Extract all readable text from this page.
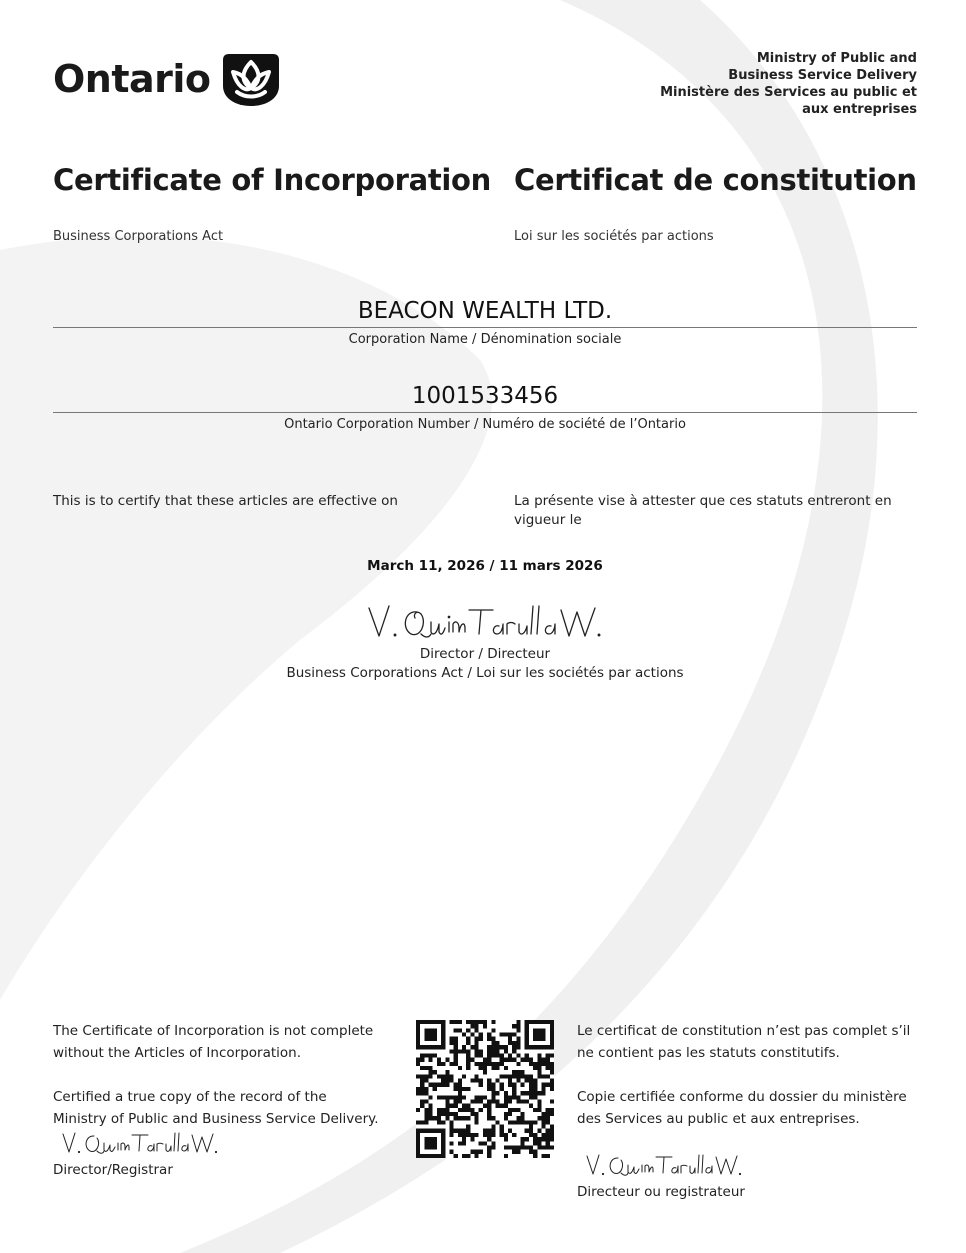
Ontario	Ministry of Public and
Business Service Delivery
Ministère des Services au public et
aux entreprises
Certificate of Incorporation Certificat de constitution
Business Corporations Act	Loi sur les sociétés par actions
BEACON WEALTH LTD.
Corporation Name / Dénomination sociale
1001533456
Ontario Corporation Number / Numéro de société de l’Ontario
This is to certify that these articles are effective on	La présente vise à attester que ces statuts entreront en vigueur le
March 11, 2026 / 11 mars 2026
Director / Directeur
Business Corporations Act / Loi sur les sociétés par actions

The Certificate of Incorporation is not complete without the Articles of Incorporation.

Certified a true copy of the record of the Ministry of Public and Business Service Delivery.

Director/Registrar

Le certificat de constitution n’est pas complet s’il ne contient pas les statuts constitutifs.

Copie certifiée conforme du dossier du ministère des Services au public et aux entreprises.

Directeur ou registrateur
